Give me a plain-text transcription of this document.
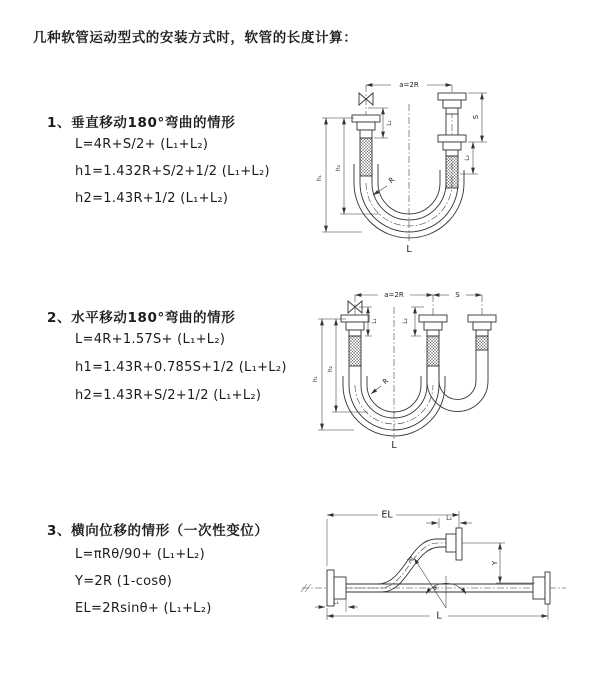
几种软管运动型式的安装方式时，软管的长度计算：
1、垂直移动180°弯曲的情形
L=4R+S/2+ (L₁+L₂)
h1=1.432R+S/2+1/2 (L₁+L₂)
h2=1.43R+1/2 (L₁+L₂)
2、水平移动180°弯曲的情形
L=4R+1.57S+ (L₁+L₂)
h1=1.43R+0.785S+1/2 (L₁+L₂)
h2=1.43R+S/2+1/2 (L₁+L₂)
3、横向位移的情形（一次性变位）
L=πRθ/90+ (L₁+L₂)
Y=2R (1-cosθ)
EL=2Rsinθ+ (L₁+L₂)
a=2R
R
L
h₁
h₂
L₁
S
L₂
a=2R	S
R
L
h₁
h₂
L₁	L₂
EL	L₂
Y
R
θ
L₁
L
